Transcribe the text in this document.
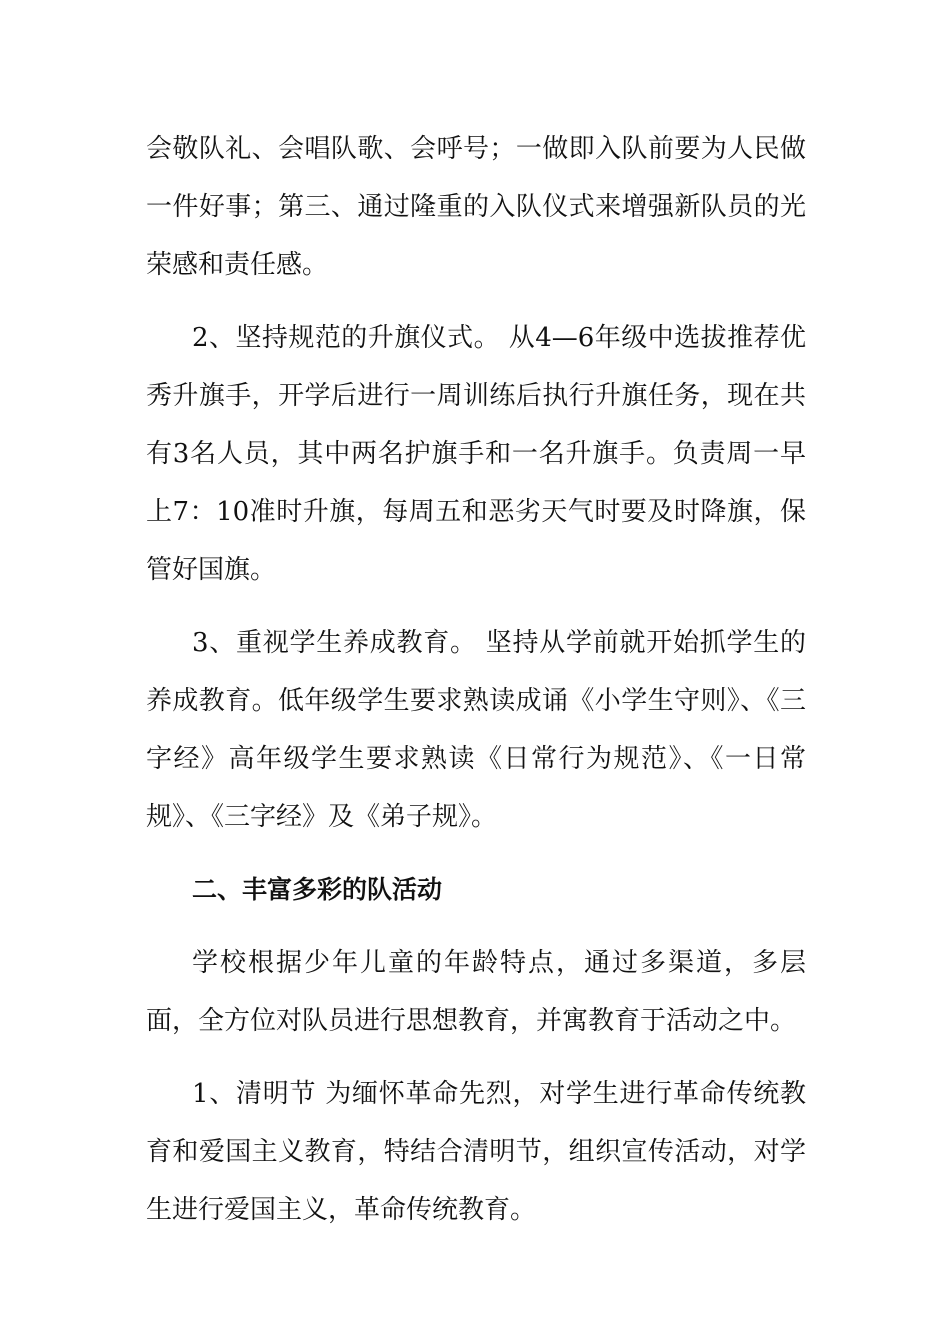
会敬队礼、会唱队歌、会呼号；一做即入队前要为人民做一件好事；第三、通过隆重的入队仪式来增强新队员的光荣感和责任感。

2、坚持规范的升旗仪式。 从4—6年级中选拔推荐优秀升旗手，开学后进行一周训练后执行升旗任务，现在共有3名人员，其中两名护旗手和一名升旗手。负责周一早上7：10准时升旗，每周五和恶劣天气时要及时降旗，保管好国旗。

3、重视学生养成教育。 坚持从学前就开始抓学生的养成教育。低年级学生要求熟读成诵《小学生守则》、《三字经》高年级学生要求熟读《日常行为规范》、《一日常规》、《三字经》及《弟子规》。

二、丰富多彩的队活动

学校根据少年儿童的年龄特点，通过多渠道，多层面，全方位对队员进行思想教育，并寓教育于活动之中。

1、清明节 为缅怀革命先烈，对学生进行革命传统教育和爱国主义教育，特结合清明节，组织宣传活动，对学生进行爱国主义，革命传统教育。
